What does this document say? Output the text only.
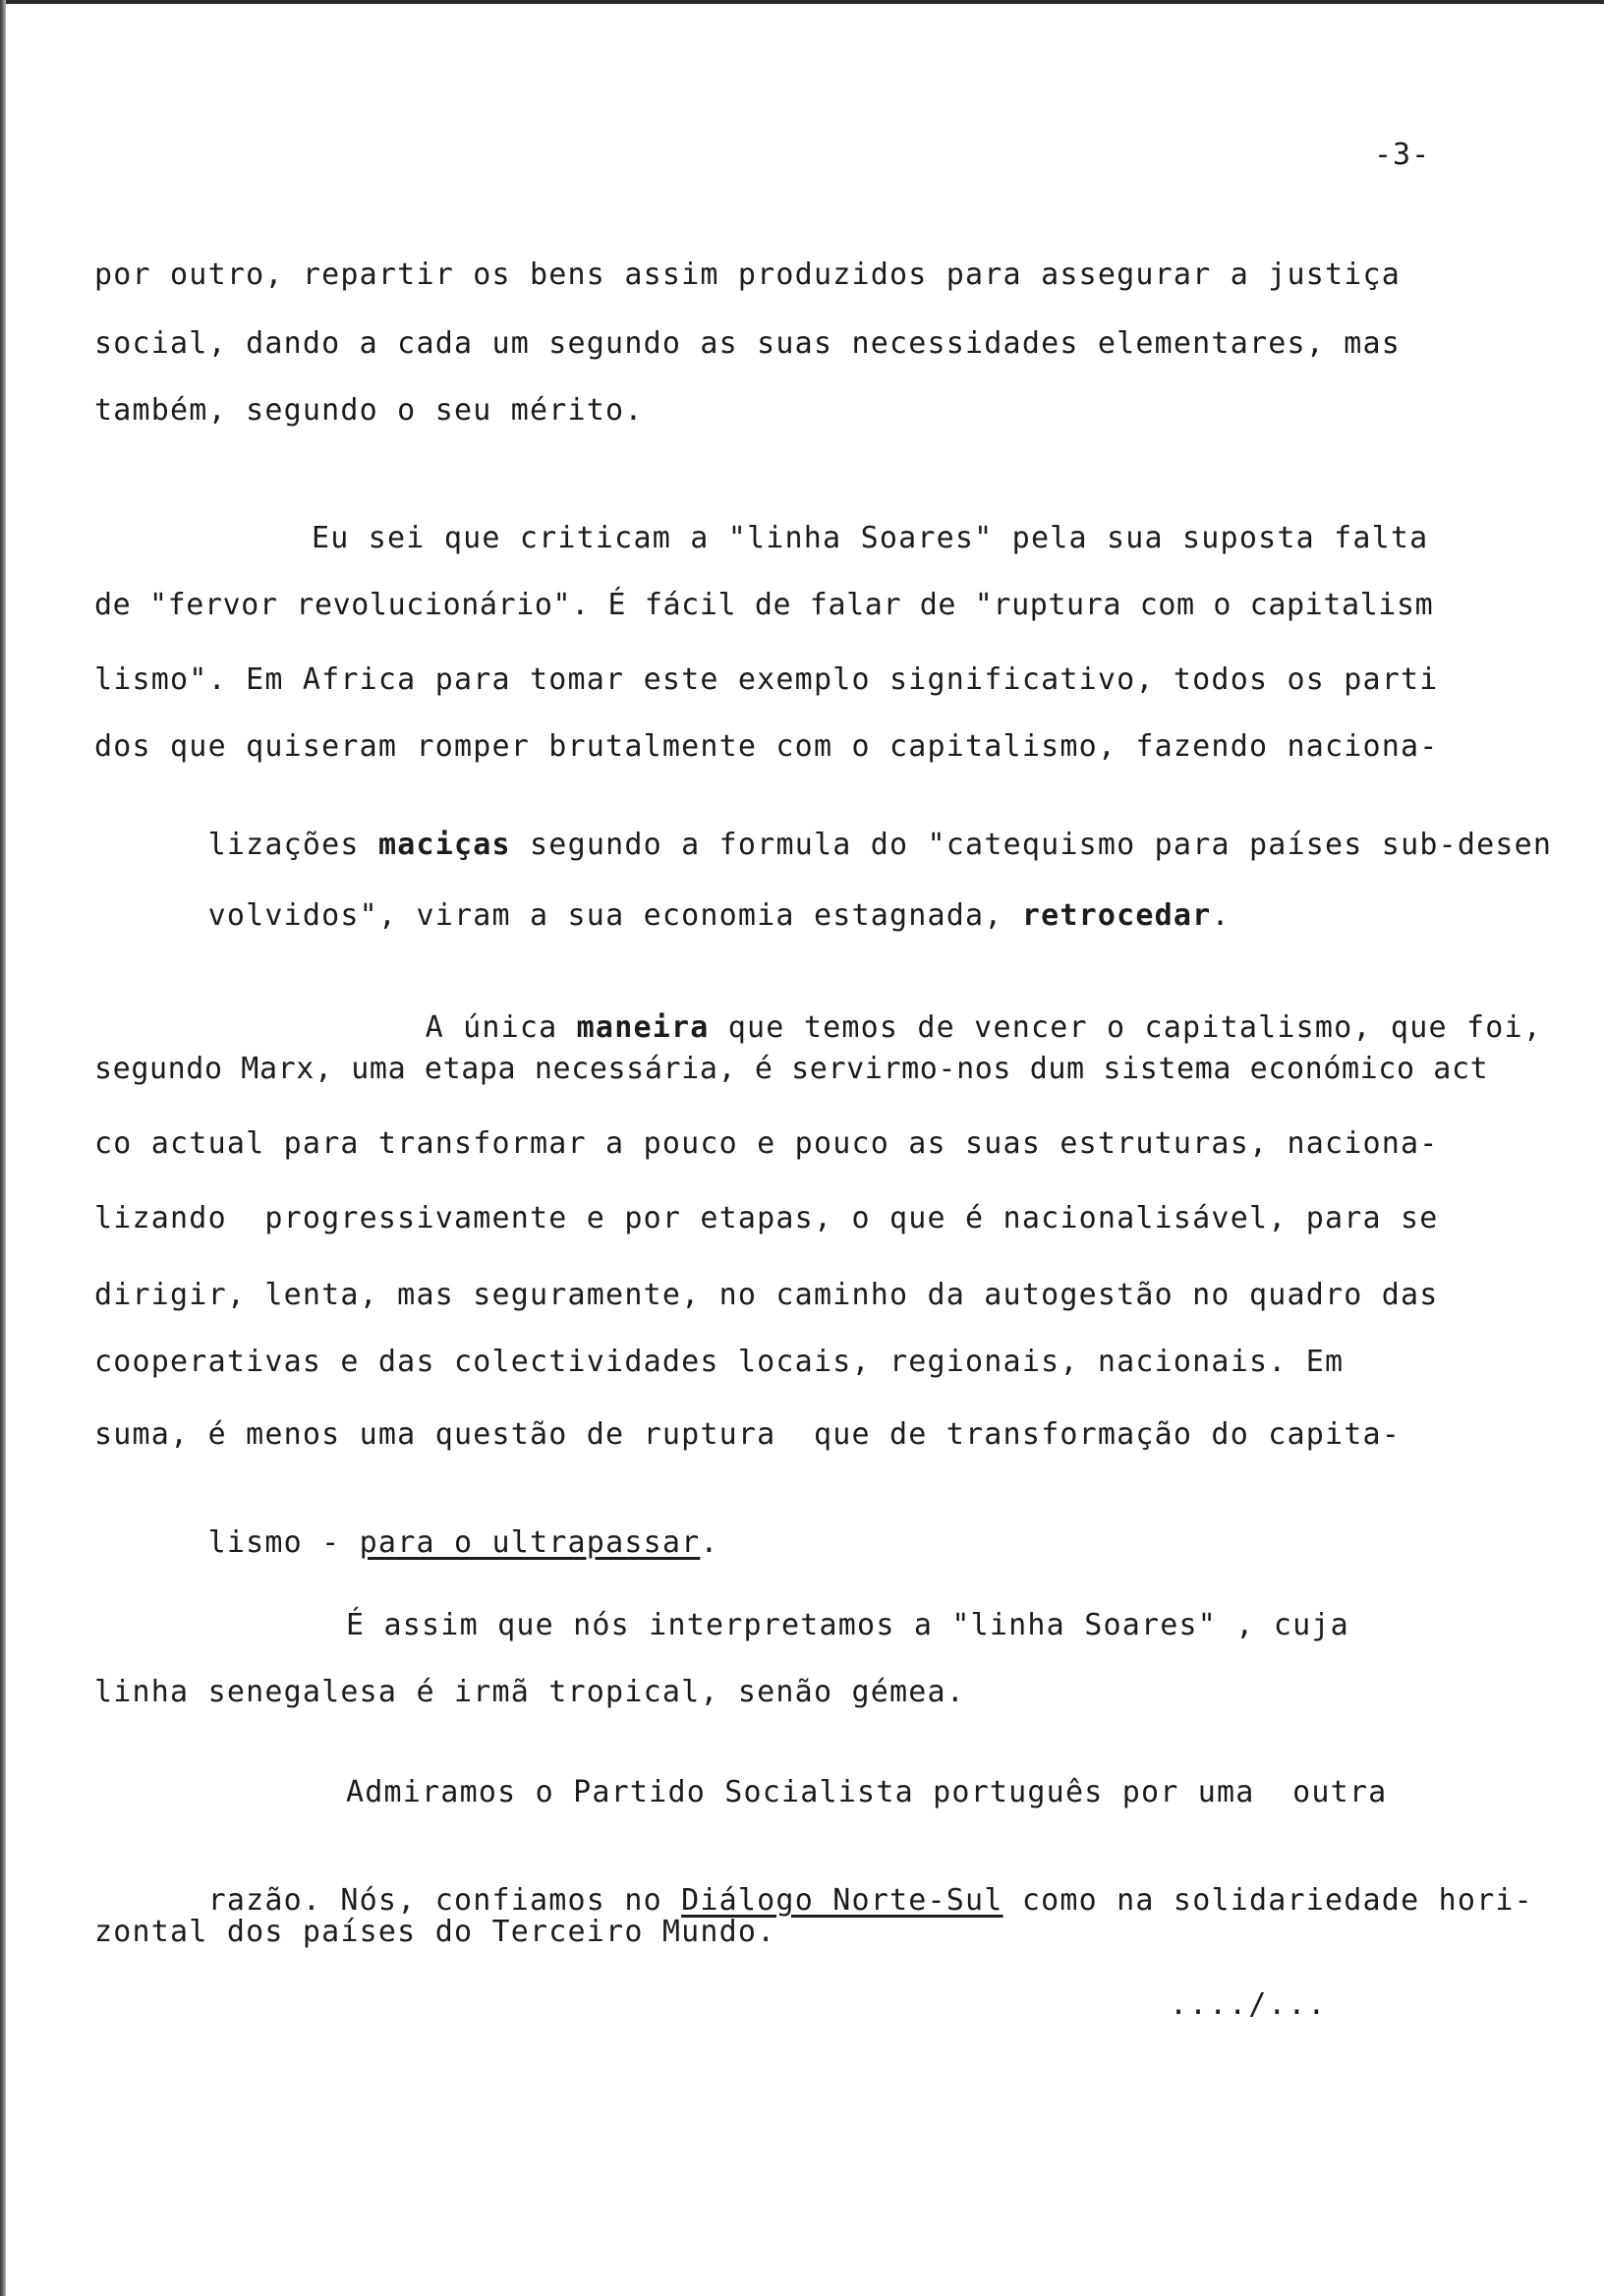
-3-
por outro, repartir os bens assim produzidos para assegurar a justiça
social, dando a cada um segundo as suas necessidades elementares, mas
também, segundo o seu mérito.
Eu sei que criticam a "linha Soares" pela sua suposta falta
de "fervor revolucionário". É fácil de falar de "ruptura com o capitalism
lismo". Em Africa para tomar este exemplo significativo, todos os parti
dos que quiseram romper brutalmente com o capitalismo, fazendo naciona-

lizações maciças segundo a formula do "catequismo para países sub-desen

volvidos", viram a sua economia estagnada, retrocedar.

A única maneira que temos de vencer o capitalismo, que foi,

segundo Marx, uma etapa necessária, é servirmo-nos dum sistema económico act
co actual para transformar a pouco e pouco as suas estruturas, naciona-
lizando  progressivamente e por etapas, o que é nacionalisável, para se
dirigir, lenta, mas seguramente, no caminho da autogestão no quadro das
cooperativas e das colectividades locais, regionais, nacionais. Em
suma, é menos uma questão de ruptura  que de transformação do capita-

lismo - para o ultrapassar.

É assim que nós interpretamos a "linha Soares" , cuja
linha senegalesa é irmã tropical, senão gémea.
Admiramos o Partido Socialista português por uma  outra

razão. Nós, confiamos no Diálogo Norte-Sul como na solidariedade hori-

zontal dos países do Terceiro Mundo.
..../...
